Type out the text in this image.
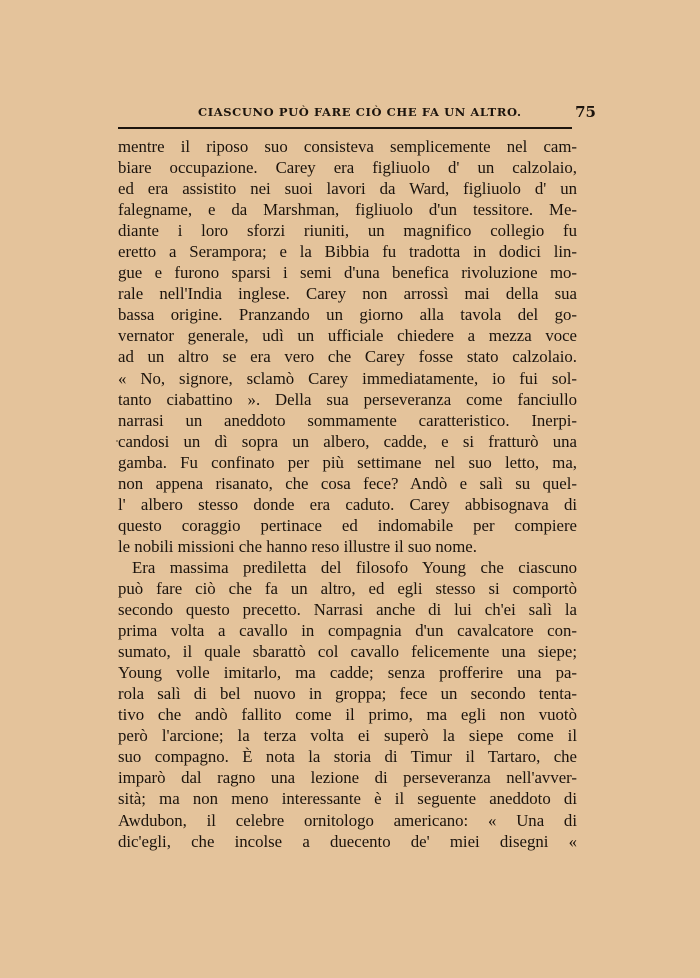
CIASCUNO PUÒ FARE CIÒ CHE FA UN ALTRO.	75
mentre il riposo suo consisteva semplicemente nel cam-
biare occupazione. Carey era figliuolo d' un calzolaio,
ed era assistito nei suoi lavori da Ward, figliuolo d' un
falegname, e da Marshman, figliuolo d'un tessitore. Me-
diante i loro sforzi riuniti, un magnifico collegio fu
eretto a Serampora; e la Bibbia fu tradotta in dodici lin-
gue e furono sparsi i semi d'una benefica rivoluzione mo-
rale nell'India inglese. Carey non arrossì mai della sua
bassa origine. Pranzando un giorno alla tavola del go-
vernator generale, udì un ufficiale chiedere a mezza voce
ad un altro se era vero che Carey fosse stato calzolaio.
« No, signore, sclamò Carey immediatamente, io fui sol-
tanto ciabattino ». Della sua perseveranza come fanciullo
narrasi un aneddoto sommamente caratteristico. Inerpi-
candosi un dì sopra un albero, cadde, e si fratturò una
gamba. Fu confinato per più settimane nel suo letto, ma,
non appena risanato, che cosa fece? Andò e salì su quel-
l' albero stesso donde era caduto. Carey abbisognava di
questo coraggio pertinace ed indomabile per compiere
le nobili missioni che hanno reso illustre il suo nome.
Era massima prediletta del filosofo Young che ciascuno
può fare ciò che fa un altro, ed egli stesso si comportò
secondo questo precetto. Narrasi anche di lui ch'ei salì la
prima volta a cavallo in compagnia d'un cavalcatore con-
sumato, il quale sbarattò col cavallo felicemente una siepe;
Young volle imitarlo, ma cadde; senza profferire una pa-
rola salì di bel nuovo in groppa; fece un secondo tenta-
tivo che andò fallito come il primo, ma egli non vuotò
però l'arcione; la terza volta ei superò la siepe come il
suo compagno. È nota la storia di Timur il Tartaro, che
imparò dal ragno una lezione di perseveranza nell'avver-
sità; ma non meno interessante è il seguente aneddoto di
Awdubon, il celebre ornitologo americano: « Una di
dic'egli, che incolse a duecento de' miei disegni «
